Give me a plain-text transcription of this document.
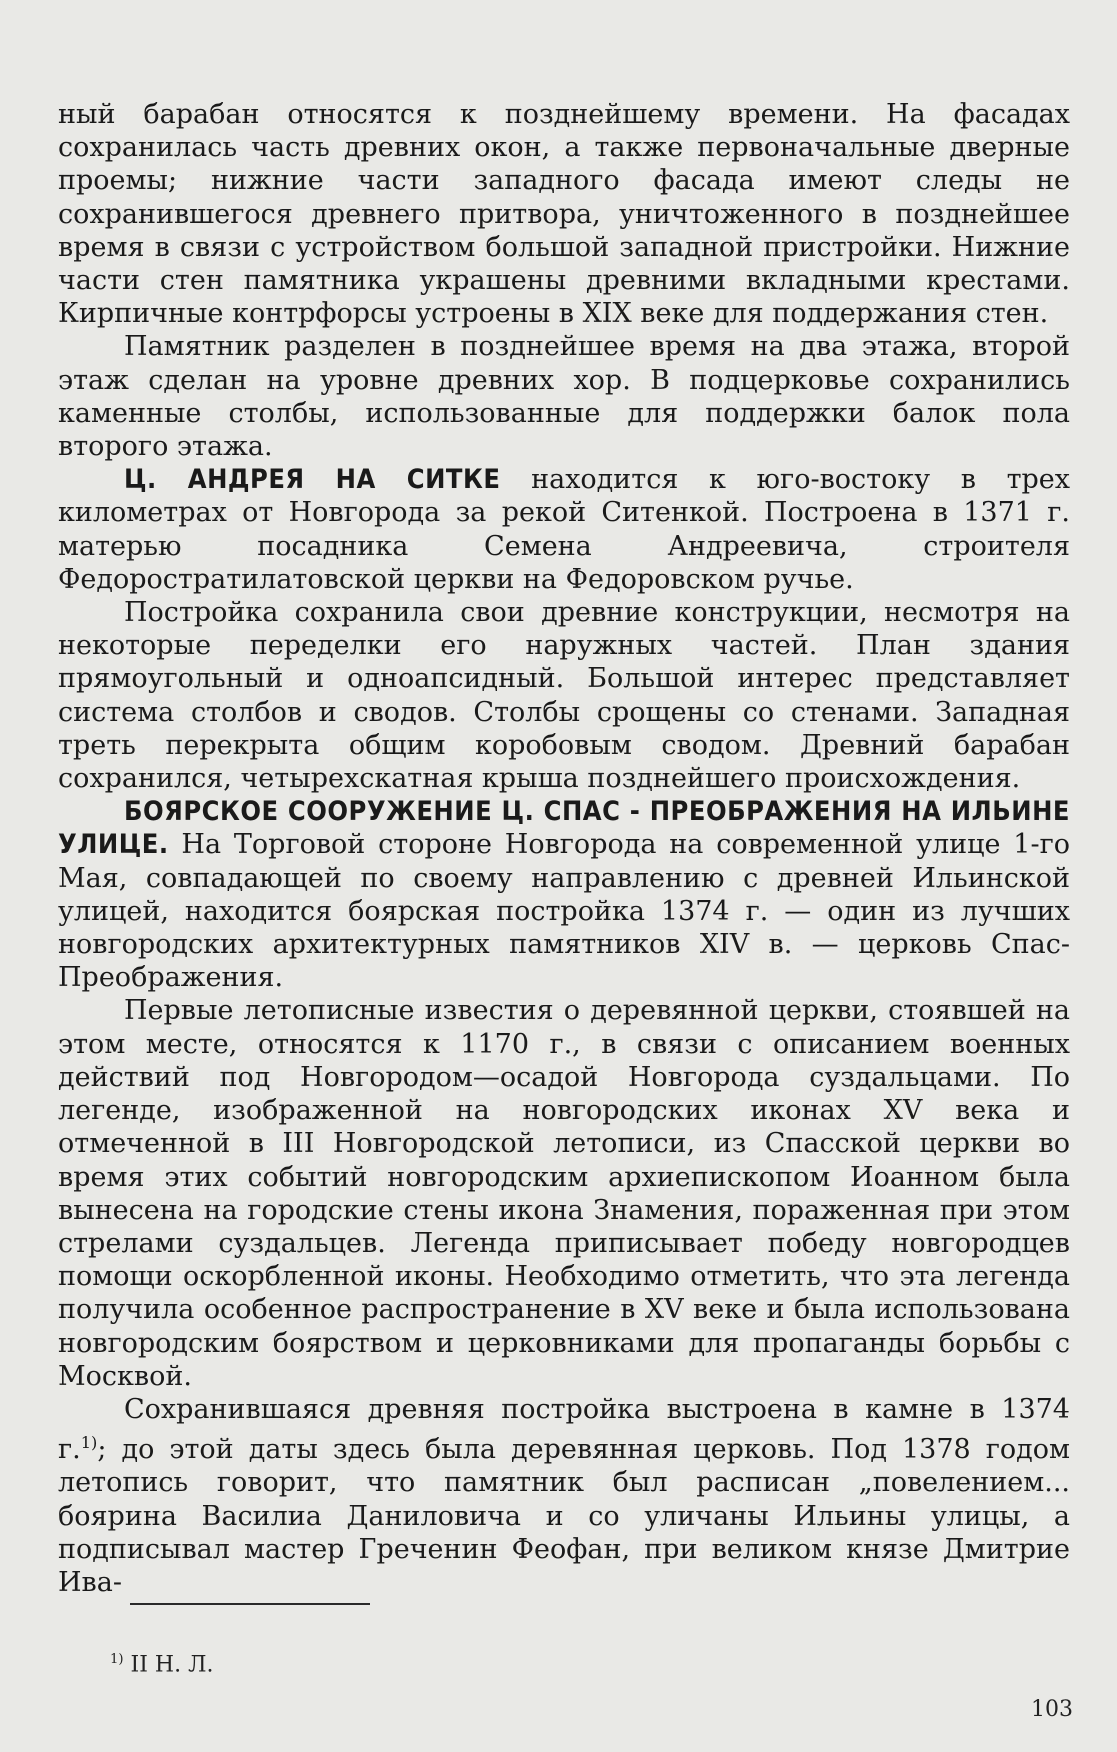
ный барабан относятся к позднейшему времени. На фасадах сохранилась часть древних окон, а также первоначальные дверные проемы; нижние части западного фасада имеют следы не сохранившегося древнего притвора, уничтоженного в позднейшее время в связи с устройством большой западной пристройки. Нижние части стен памятника украшены древними вкладными крестами. Кирпичные контрфорсы устроены в XIX веке для поддержания стен.

Памятник разделен в позднейшее время на два этажа, второй этаж сделан на уровне древних хор. В подцерковье сохранились каменные столбы, использованные для поддержки балок пола второго этажа.

Ц. АНДРЕЯ НА СИТКЕ находится к юго-востоку в трех километрах от Новгорода за рекой Ситенкой. Построена в 1371 г. матерью посадника Семена Андреевича, строителя Федоростратилатовской церкви на Федоровском ручье.

Постройка сохранила свои древние конструкции, несмотря на некоторые переделки его наружных частей. План здания прямоугольный и одноапсидный. Большой интерес представляет система столбов и сводов. Столбы срощены со стенами. Западная треть перекрыта общим коробовым сводом. Древний барабан сохранился, четырехскатная крыша позднейшего происхождения.

БОЯРСКОЕ СООРУЖЕНИЕ Ц. СПАС - ПРЕОБРАЖЕНИЯ НА ИЛЬИНЕ УЛИЦЕ. На Торговой стороне Новгорода на современной улице 1-го Мая, совпадающей по своему направлению с древней Ильинской улицей, находится боярская постройка 1374 г. — один из лучших новгородских архитектурных памятников XIV в. — церковь Спас-Преображения.

Первые летописные известия о деревянной церкви, стоявшей на этом месте, относятся к 1170 г., в связи с описанием военных действий под Новгородом—осадой Новгорода суздальцами. По легенде, изображенной на новгородских иконах XV века и отмеченной в III Новгородской летописи, из Спасской церкви во время этих событий новгородским архиепископом Иоанном была вынесена на городские стены икона Знамения, пораженная при этом стрелами суздальцев. Легенда приписывает победу новгородцев помощи оскорбленной иконы. Необходимо отметить, что эта легенда получила особенное распространение в XV веке и была использована новгородским боярством и церковниками для пропаганды борьбы с Москвой.

Сохранившаяся древняя постройка выстроена в камне в 1374 г.$^{1)}$; до этой даты здесь была деревянная церковь. Под 1378 годом летопись говорит, что памятник был расписан „повелением... боярина Василиа Даниловича и со уличаны Ильины улицы, а подписывал мастер Греченин Феофан, при великом князе Дмитрие Ива-

$^{1)}$ II Н. Л.
103
